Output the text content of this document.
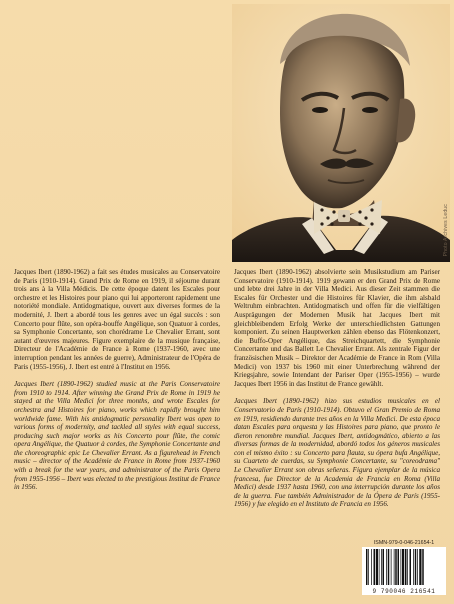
Photo Archives Leduc

Jacques Ibert (1890-1962) a fait ses études musicales au Conservatoire de Paris (1910-1914). Grand Prix de Rome en 1919, il séjourne durant trois ans à la Villa Médicis. De cette époque datent les Escales pour orchestre et les Histoires pour piano qui lui apporteront rapidement une notoriété mondiale. Antidogmatique, ouvert aux diverses formes de la modernité, J. Ibert a abordé tous les genres avec un égal succès : son Concerto pour flûte, son opéra-bouffe Angélique, son Quatuor à cordes, sa Symphonie Concertante, son chorédrame Le Chevalier Errant, sont autant d'œuvres majeures. Figure exemplaire de la musique française, Directeur de l'Académie de France à Rome (1937-1960, avec une interruption pendant les années de guerre), Administrateur de l'Opéra de Paris (1955-1956), J. Ibert est entré à l'Institut en 1956.

Jacques Ibert (1890-1962) studied music at the Paris Conservatoire from 1910 to 1914. After winning the Grand Prix de Rome in 1919 he stayed at the Villa Medici for three months, and wrote Escales for orchestra and Histoires for piano, works which rapidly brought him worldwide fame. With his antidogmatic personality Ibert was open to various forms of modernity, and tackled all styles with equal success, producing such major works as his Concerto pour flûte, the comic opera Angélique, the Quatuor à cordes, the Symphonie Concertante and the choreographic epic Le Chevalier Errant. As a figurehead in French music – director of the Académie de France in Rome from 1937-1960 with a break for the war years, and administrator of the Paris Opera from 1955-1956 – Ibert was elected to the prestigious Institut de France in 1956.

Jacques Ibert (1890-1962) absolvierte sein Musikstudium am Pariser Conservatoire (1910-1914). 1919 gewann er den Grand Prix de Rome und lebte drei Jahre in der Villa Medici. Aus dieser Zeit stammen die Escales für Orchester und die Histoires für Klavier, die ihm alsbald Weltruhm einbrachten. Antidogmatisch und offen für die vielfältigen Ausprägungen der Modernen Musik hat Jacques Ibert mit gleichbleibendem Erfolg Werke der unterschiedlichsten Gattungen komponiert. Zu seinen Hauptwerken zählen ebenso das Flötenkonzert, die Buffo-Oper Angélique, das Streichquartett, die Symphonie Concertante und das Ballett Le Chevalier Errant. Als zentrale Figur der französischen Musik – Direktor der Académie de France in Rom (Villa Medici) von 1937 bis 1960 mit einer Unterbrechung während der Kriegsjahre, sowie Intendant der Pariser Oper (1955-1956) – wurde Jacques Ibert 1956 in das Institut de France gewählt.

Jacques Ibert (1890-1962) hizo sus estudios musicales en el Conservatorio de París (1910-1914). Obtuvo el Gran Premio de Roma en 1919, residiendo durante tres años en la Villa Medici. De esta época datan Escales para orquesta y las Histoires para piano, que pronto le dieron renombre mundial. Jacques Ibert, antidogmático, abierto a las diversas formas de la modernidad, abordó todos los géneros musicales con el mismo éxito : su Concerto para flauta, su ópera bufa Angélique, su Cuarteto de cuerdas, su Symphonie Concertante, su "coreodrama" Le Chevalier Errant son obras señeras. Figura ejemplar de la música francesa, fue Director de la Academia de Francia en Roma (Villa Medici) desde 1937 hasta 1960, con una interrupción durante los años de la guerra. Fue también Administrador de la Ópera de París (1955-1956) y fue elegido en el Instituto de Francia en 1956.

ISMN-979-0-046-21654-1
9 790046 216541
